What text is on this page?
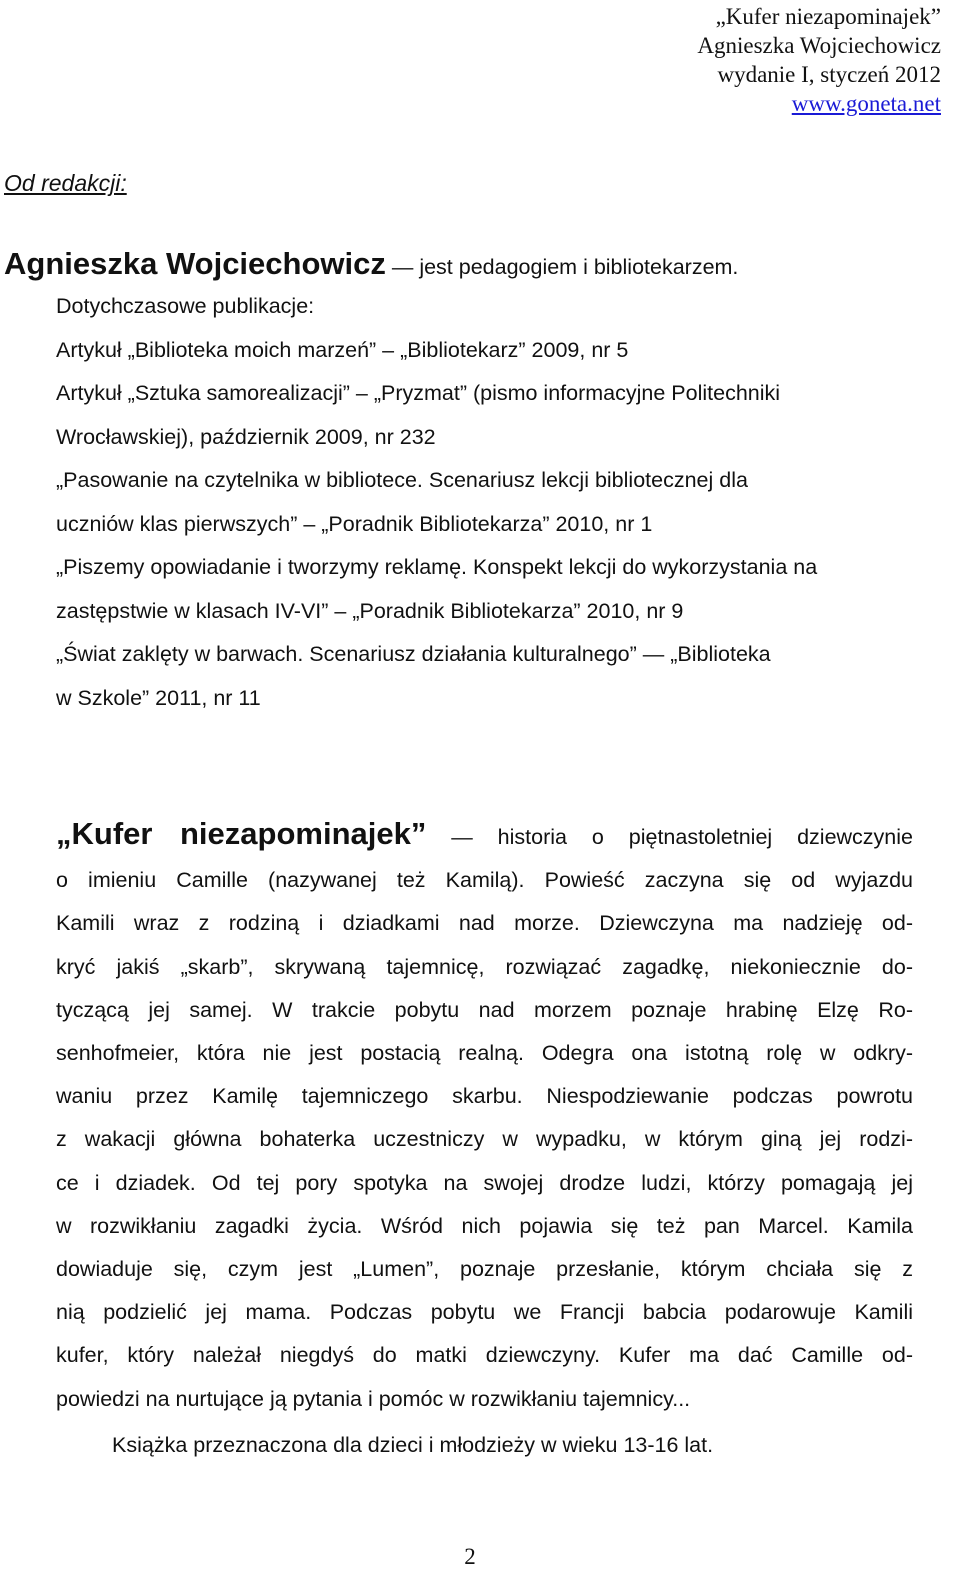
„Kufer niezapominajek”
Agnieszka Wojciechowicz
wydanie I, styczeń 2012
www.goneta.net
Od redakcji:
Agnieszka Wojciechowicz — jest pedagogiem i bibliotekarzem.
Dotychczasowe publikacje:
Artykuł „Biblioteka moich marzeń” – „Bibliotekarz” 2009, nr 5
Artykuł „Sztuka samorealizacji” – „Pryzmat” (pismo informacyjne Politechniki
Wrocławskiej), październik 2009, nr 232
„Pasowanie na czytelnika w bibliotece. Scenariusz lekcji bibliotecznej dla
uczniów klas pierwszych” – „Poradnik Bibliotekarza” 2010, nr 1
„Piszemy opowiadanie i tworzymy reklamę. Konspekt lekcji do wykorzystania na
zastępstwie w klasach IV-VI” – „Poradnik Bibliotekarza” 2010, nr 9
„Świat zaklęty w barwach. Scenariusz działania kulturalnego” — „Biblioteka
w Szkole” 2011, nr 11
„Kufer niezapominajek” — historia o piętnastoletniej dziewczynie
o imieniu Camille (nazywanej też Kamilą). Powieść zaczyna się od wyjazdu
Kamili wraz z rodziną i dziadkami nad morze. Dziewczyna ma nadzieję od-
kryć jakiś „skarb”, skrywaną tajemnicę, rozwiązać zagadkę, niekoniecznie do-
tyczącą jej samej. W trakcie pobytu nad morzem poznaje hrabinę Elzę Ro-
senhofmeier, która nie jest postacią realną. Odegra ona istotną rolę w odkry-
waniu przez Kamilę tajemniczego skarbu. Niespodziewanie podczas powrotu
z wakacji główna bohaterka uczestniczy w wypadku, w którym giną jej rodzi-
ce i dziadek. Od tej pory spotyka na swojej drodze ludzi, którzy pomagają jej
w rozwikłaniu zagadki życia. Wśród nich pojawia się też pan Marcel. Kamila
dowiaduje się, czym jest „Lumen”, poznaje przesłanie, którym chciała się z
nią podzielić jej mama. Podczas pobytu we Francji babcia podarowuje Kamili
kufer, który należał niegdyś do matki dziewczyny. Kufer ma dać Camille od-
powiedzi na nurtujące ją pytania i pomóc w rozwikłaniu tajemnicy...
Książka przeznaczona dla dzieci i młodzieży w wieku 13-16 lat.
2
